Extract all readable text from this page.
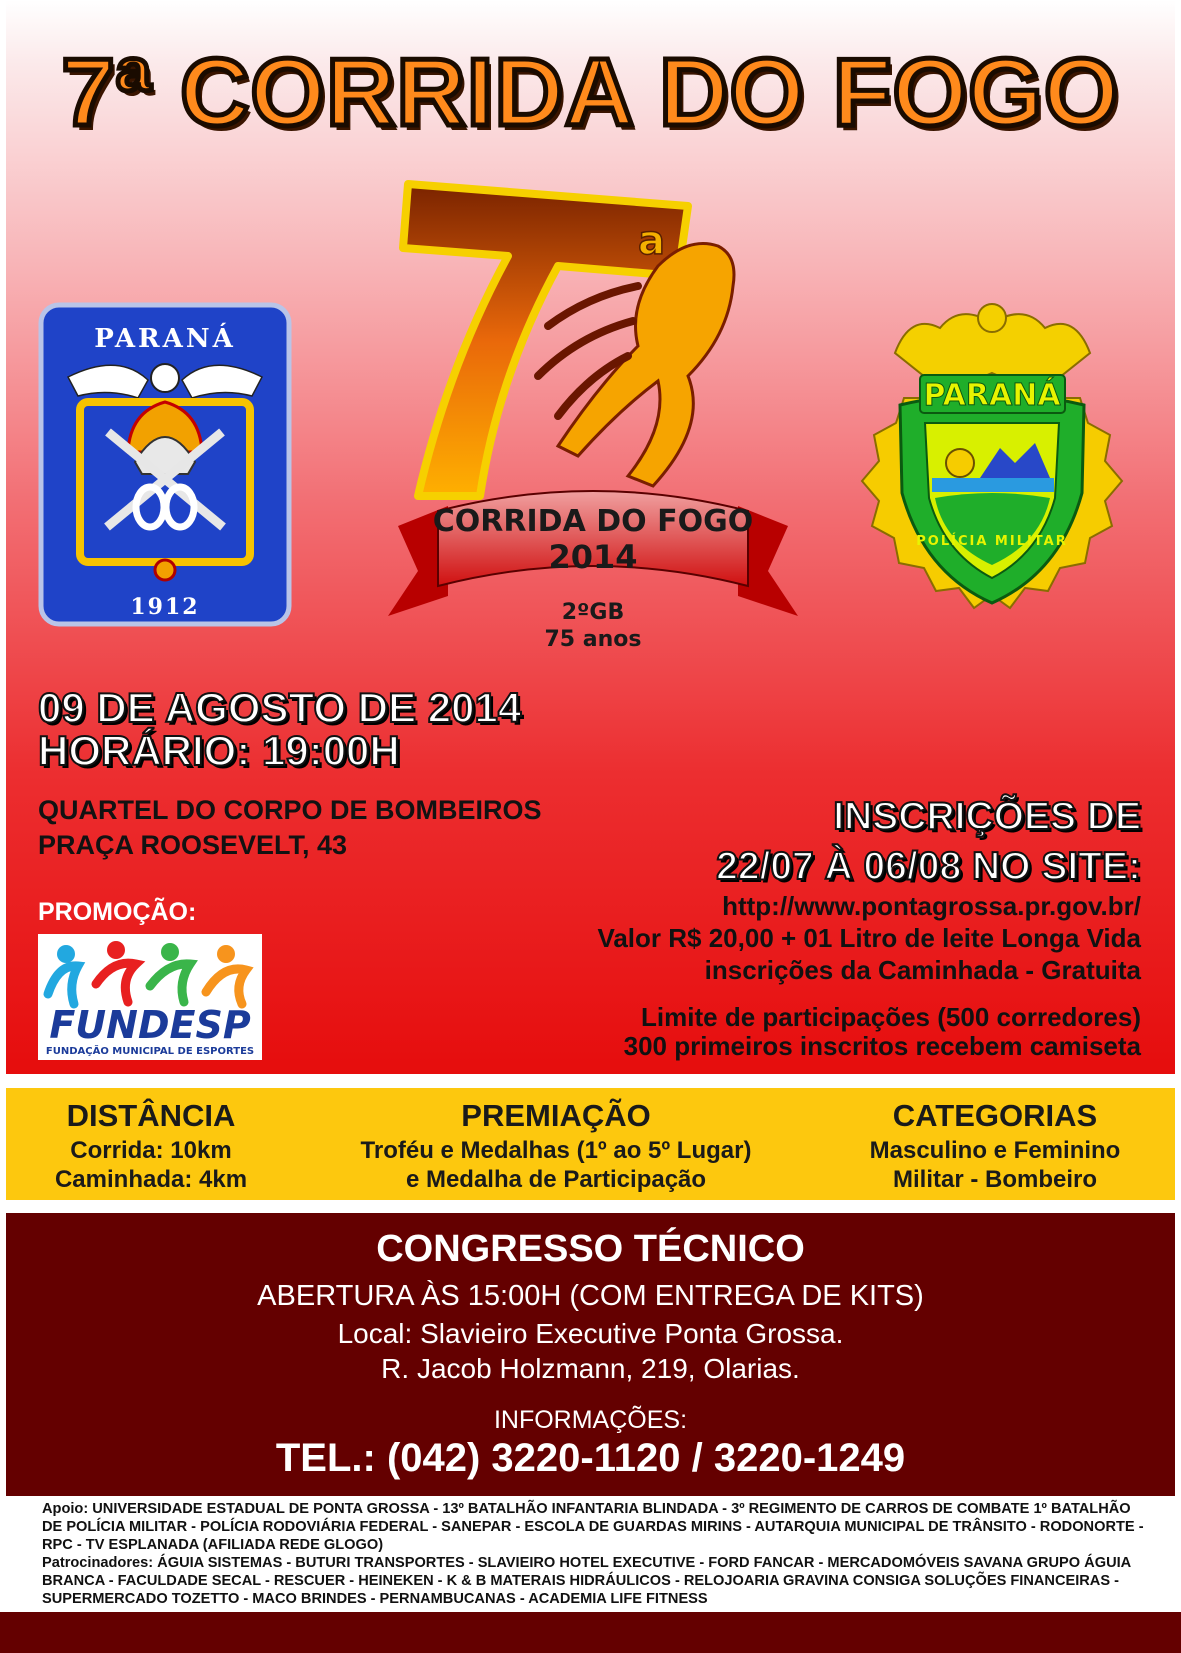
7ª CORRIDA DO FOGO
PARANÁ
1912
a
CORRIDA DO FOGO
2014
2ºGB
75 anos
PARANÁ
POLÍCIA MILITAR
09 DE AGOSTO DE 2014
HORÁRIO: 19:00H
QUARTEL DO CORPO DE BOMBEIROS
PRAÇA ROOSEVELT, 43
PROMOÇÃO:
FUNDESP
FUNDAÇÃO MUNICIPAL DE ESPORTES
INSCRIÇÕES DE
22/07 À 06/08 NO SITE:
http://www.pontagrossa.pr.gov.br/
Valor R$ 20,00 + 01 Litro de leite Longa Vida
inscrições da Caminhada - Gratuita
Limite de participações (500 corredores)
300 primeiros inscritos recebem camiseta
DISTÂNCIA
Corrida: 10km
Caminhada: 4km
PREMIAÇÃO
Troféu e Medalhas (1º ao 5º Lugar)
e Medalha de Participação
CATEGORIAS
Masculino e Feminino
Militar - Bombeiro
CONGRESSO TÉCNICO
ABERTURA ÀS 15:00H (COM ENTREGA DE KITS)
Local: Slavieiro Executive Ponta Grossa.
R. Jacob Holzmann, 219, Olarias.
INFORMAÇÕES:
TEL.: (042) 3220-1120 / 3220-1249
Apoio: UNIVERSIDADE ESTADUAL DE PONTA GROSSA - 13º BATALHÃO INFANTARIA BLINDADA - 3º REGIMENTO DE CARROS DE COMBATE 1º BATALHÃO DE POLÍCIA MILITAR - POLÍCIA RODOVIÁRIA FEDERAL - SANEPAR - ESCOLA DE GUARDAS MIRINS - AUTARQUIA MUNICIPAL DE TRÂNSITO - RODONORTE - RPC - TV ESPLANADA (AFILIADA REDE GLOGO)
Patrocinadores: ÁGUIA SISTEMAS - BUTURI TRANSPORTES - SLAVIEIRO HOTEL EXECUTIVE - FORD FANCAR - MERCADOMÓVEIS SAVANA GRUPO ÁGUIA BRANCA - FACULDADE SECAL - RESCUER - HEINEKEN - K & B MATERAIS HIDRÁULICOS - RELOJOARIA GRAVINA CONSIGA SOLUÇÕES FINANCEIRAS - SUPERMERCADO TOZETTO - MACO BRINDES - PERNAMBUCANAS - ACADEMIA LIFE FITNESS
